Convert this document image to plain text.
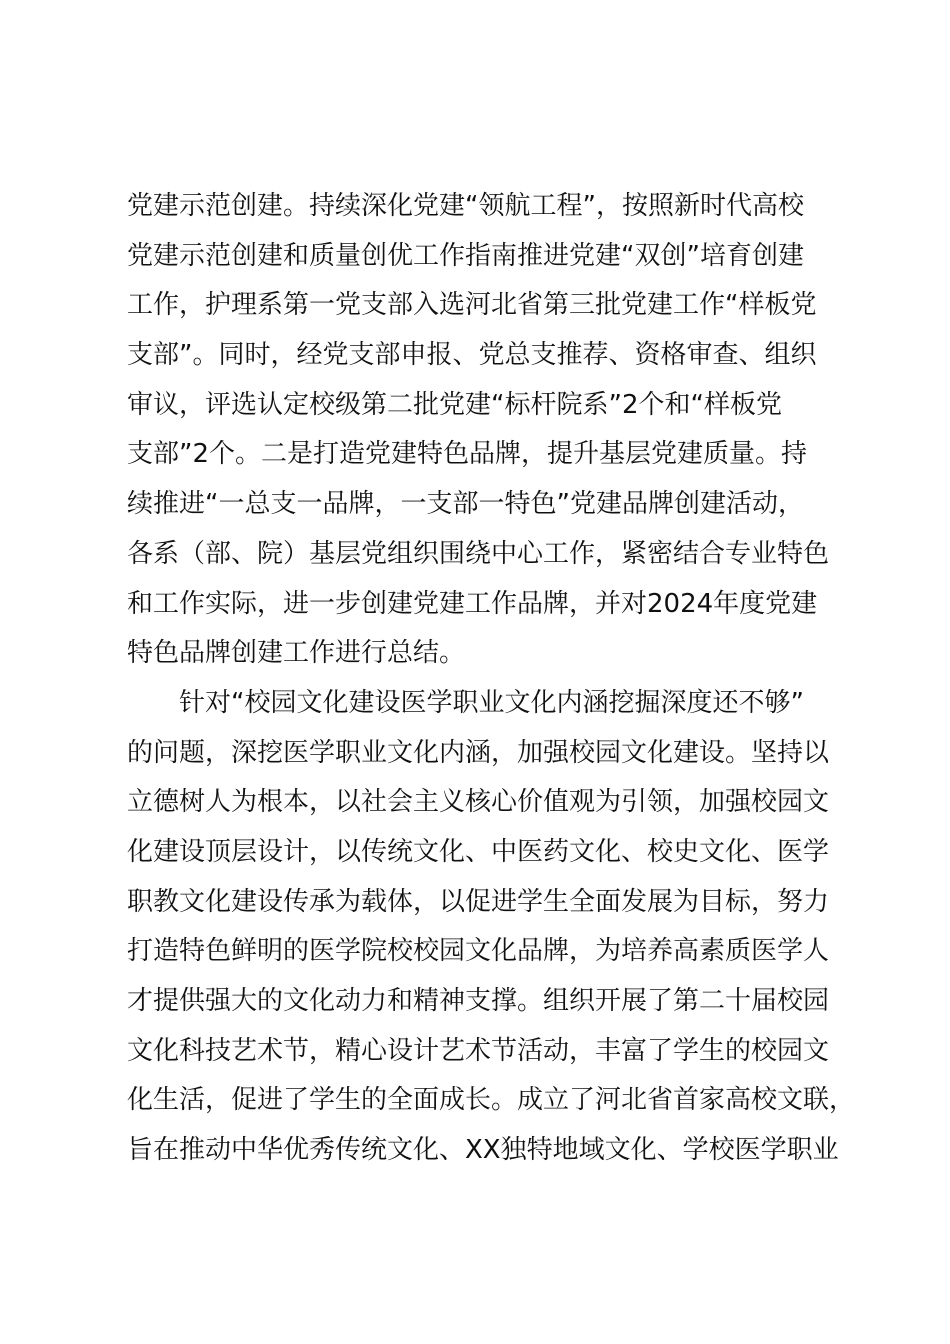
党建示范创建。持续深化党建“领航工程”，按照新时代高校
党建示范创建和质量创优工作指南推进党建“双创”培育创建
工作，护理系第一党支部入选河北省第三批党建工作“样板党
支部”。同时，经党支部申报、党总支推荐、资格审查、组织
审议，评选认定校级第二批党建“标杆院系”2个和“样板党
支部”2个。二是打造党建特色品牌，提升基层党建质量。持
续推进“一总支一品牌，一支部一特色”党建品牌创建活动，
各系（部、院）基层党组织围绕中心工作，紧密结合专业特色
和工作实际，进一步创建党建工作品牌，并对2024年度党建
特色品牌创建工作进行总结。
针对“校园文化建设医学职业文化内涵挖掘深度还不够”
的问题，深挖医学职业文化内涵，加强校园文化建设。坚持以
立德树人为根本，以社会主义核心价值观为引领，加强校园文
化建设顶层设计，以传统文化、中医药文化、校史文化、医学
职教文化建设传承为载体，以促进学生全面发展为目标，努力
打造特色鲜明的医学院校校园文化品牌，为培养高素质医学人
才提供强大的文化动力和精神支撑。组织开展了第二十届校园
文化科技艺术节，精心设计艺术节活动，丰富了学生的校园文
化生活，促进了学生的全面成长。成立了河北省首家高校文联，
旨在推动中华优秀传统文化、XX独特地域文化、学校医学职业
